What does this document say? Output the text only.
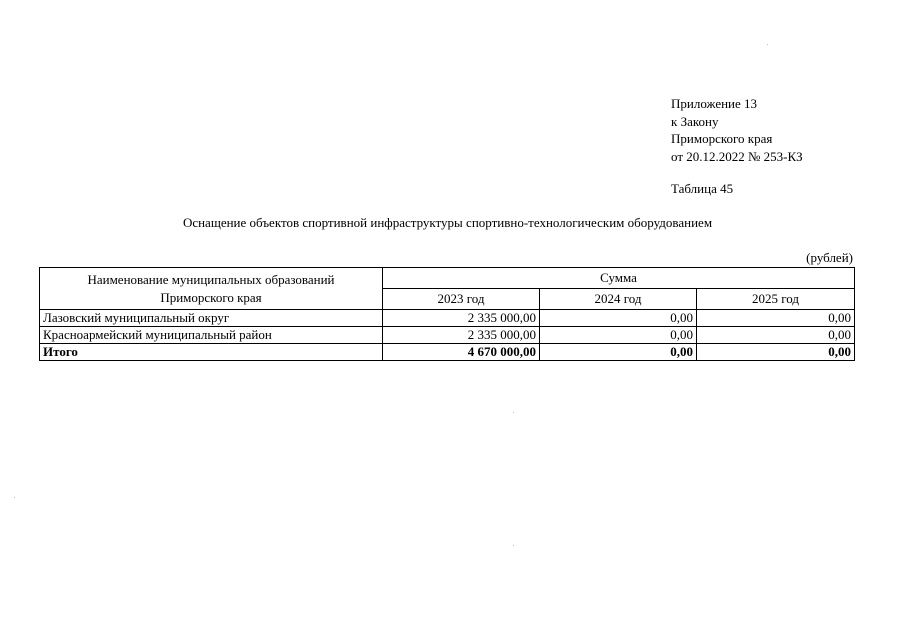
Приложение 13
к Закону
Приморского края
от 20.12.2022 № 253-КЗ
Таблица 45
Оснащение объектов спортивной инфраструктуры спортивно-технологическим оборудованием
(рублей)
Наименование муниципальных образований
Приморского края	Сумма		
	2023 год	2024 год	2025 год
Лазовский муниципальный округ	2 335 000,00	0,00	0,00
Красноармейский муниципальный район	2 335 000,00	0,00	0,00
Итого	4 670 000,00	0,00	0,00
